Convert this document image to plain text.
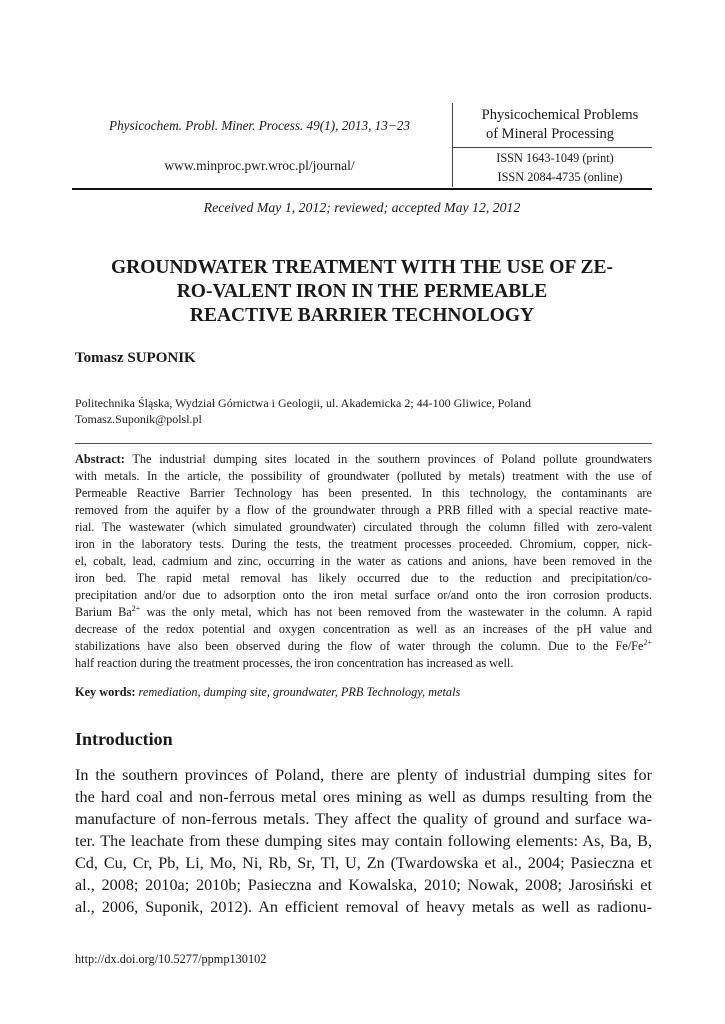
Physicochem. Probl. Miner. Process. 49(1), 2013, 13−23
www.minproc.pwr.wroc.pl/journal/
Physicochemical Problems
of Mineral Processing
ISSN 1643-1049 (print)
ISSN 2084-4735 (online)
Received May 1, 2012; reviewed; accepted May 12, 2012
GROUNDWATER TREATMENT WITH THE USE OF ZE-
RO-VALENT IRON IN THE PERMEABLE
REACTIVE BARRIER TECHNOLOGY
Tomasz SUPONIK
Politechnika Śląska, Wydział Górnictwa i Geologii, ul. Akademicka 2; 44-100 Gliwice, Poland
Tomasz.Suponik@polsl.pl
Abstract: The industrial dumping sites located in the southern provinces of Poland pollute groundwaters
with metals. In the article, the possibility of groundwater (polluted by metals) treatment with the use of
Permeable Reactive Barrier Technology has been presented. In this technology, the contaminants are
removed from the aquifer by a flow of the groundwater through a PRB filled with a special reactive mate-
rial. The wastewater (which simulated groundwater) circulated through the column filled with zero-valent
iron in the laboratory tests. During the tests, the treatment processes proceeded. Chromium, copper, nick-
el, cobalt, lead, cadmium and zinc, occurring in the water as cations and anions, have been removed in the
iron bed. The rapid metal removal has likely occurred due to the reduction and precipitation/co-
precipitation and/or due to adsorption onto the iron metal surface or/and onto the iron corrosion products.
Barium $Ba^{2+}$ was the only metal, which has not been removed from the wastewater in the column. A rapid
decrease of the redox potential and oxygen concentration as well as an increases of the pH value and
stabilizations have also been observed during the flow of water through the column. Due to the $Fe/Fe^{2+}$
half reaction during the treatment processes, the iron concentration has increased as well.
Key words: remediation, dumping site, groundwater, PRB Technology, metals
Introduction
In the southern provinces of Poland, there are plenty of industrial dumping sites for
the hard coal and non-ferrous metal ores mining as well as dumps resulting from the
manufacture of non-ferrous metals. They affect the quality of ground and surface wa-
ter. The leachate from these dumping sites may contain following elements: As, Ba, B,
Cd, Cu, Cr, Pb, Li, Mo, Ni, Rb, Sr, Tl, U, Zn (Twardowska et al., 2004; Pasieczna et
al., 2008; 2010a; 2010b; Pasieczna and Kowalska, 2010; Nowak, 2008; Jarosiński et
al., 2006, Suponik, 2012). An efficient removal of heavy metals as well as radionu-
http://dx.doi.org/10.5277/ppmp130102
